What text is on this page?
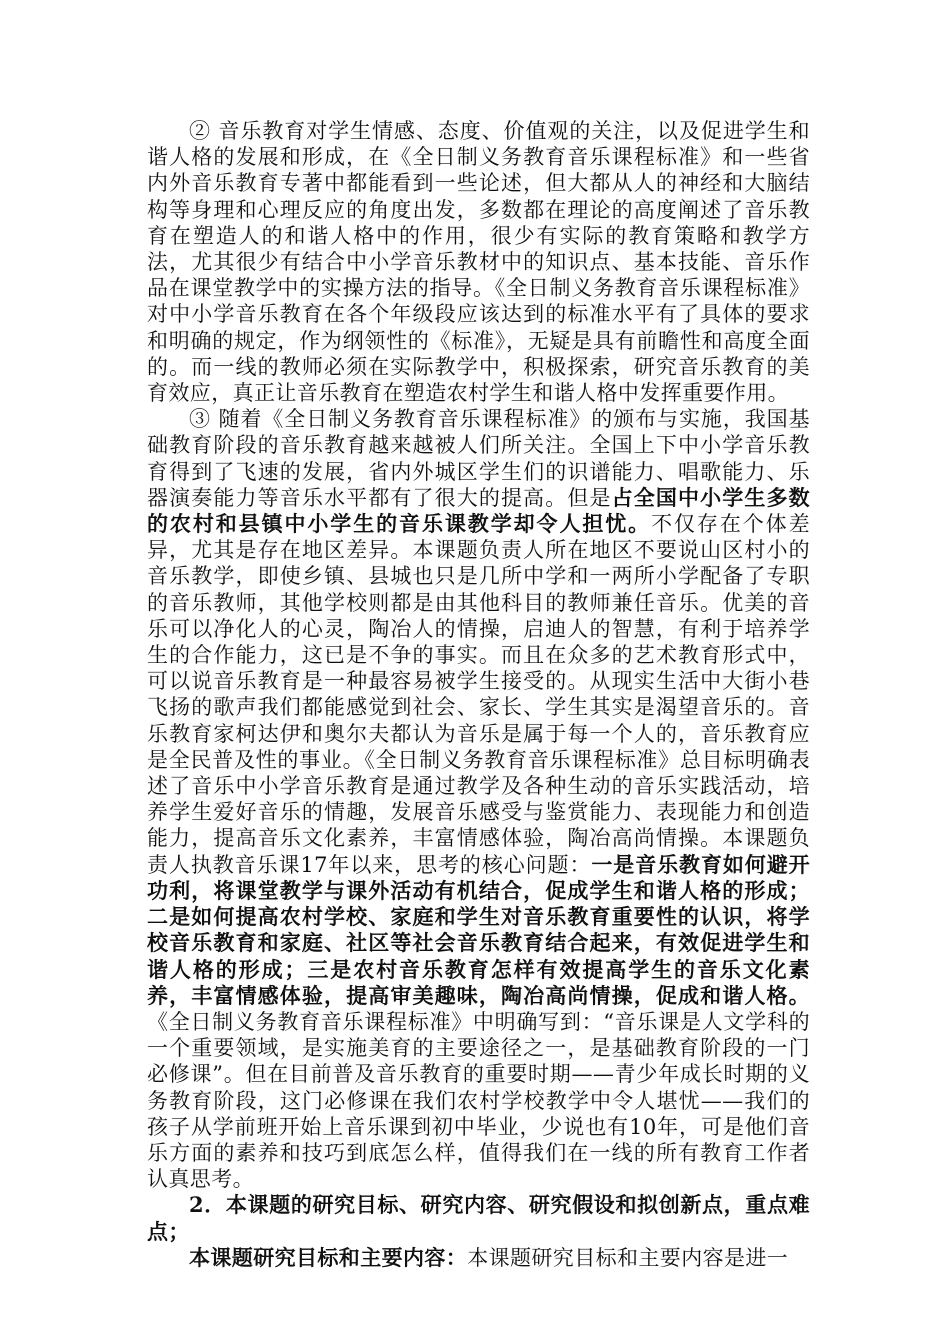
② 音乐教育对学生情感、态度、价值观的关注，以及促进学生和谐人格的发展和形成，在《全日制义务教育音乐课程标准》和一些省内外音乐教育专著中都能看到一些论述，但大都从人的神经和大脑结构等身理和心理反应的角度出发，多数都在理论的高度阐述了音乐教育在塑造人的和谐人格中的作用，很少有实际的教育策略和教学方法，尤其很少有结合中小学音乐教材中的知识点、基本技能、音乐作品在课堂教学中的实操方法的指导。《全日制义务教育音乐课程标准》对中小学音乐教育在各个年级段应该达到的标准水平有了具体的要求和明确的规定，作为纲领性的《标准》，无疑是具有前瞻性和高度全面的。而一线的教师必须在实际教学中，积极探索，研究音乐教育的美育效应，真正让音乐教育在塑造农村学生和谐人格中发挥重要作用。

③ 随着《全日制义务教育音乐课程标准》的颁布与实施，我国基础教育阶段的音乐教育越来越被人们所关注。全国上下中小学音乐教育得到了飞速的发展，省内外城区学生们的识谱能力、唱歌能力、乐器演奏能力等音乐水平都有了很大的提高。但是占全国中小学生多数的农村和县镇中小学生的音乐课教学却令人担忧。不仅存在个体差异，尤其是存在地区差异。本课题负责人所在地区不要说山区村小的音乐教学，即使乡镇、县城也只是几所中学和一两所小学配备了专职的音乐教师，其他学校则都是由其他科目的教师兼任音乐。优美的音乐可以净化人的心灵，陶冶人的情操，启迪人的智慧，有利于培养学生的合作能力，这已是不争的事实。而且在众多的艺术教育形式中，可以说音乐教育是一种最容易被学生接受的。从现实生活中大街小巷飞扬的歌声我们都能感觉到社会、家长、学生其实是渴望音乐的。音乐教育家柯达伊和奥尔夫都认为音乐是属于每一个人的，音乐教育应是全民普及性的事业。《全日制义务教育音乐课程标准》总目标明确表述了音乐中小学音乐教育是通过教学及各种生动的音乐实践活动，培养学生爱好音乐的情趣，发展音乐感受与鉴赏能力、表现能力和创造能力，提高音乐文化素养，丰富情感体验，陶冶高尚情操。本课题负责人执教音乐课17年以来，思考的核心问题：一是音乐教育如何避开功利，将课堂教学与课外活动有机结合，促成学生和谐人格的形成；二是如何提高农村学校、家庭和学生对音乐教育重要性的认识，将学校音乐教育和家庭、社区等社会音乐教育结合起来，有效促进学生和谐人格的形成；三是农村音乐教育怎样有效提高学生的音乐文化素养，丰富情感体验，提高审美趣味，陶冶高尚情操，促成和谐人格。 《全日制义务教育音乐课程标准》中明确写到：“音乐课是人文学科的一个重要领域，是实施美育的主要途径之一，是基础教育阶段的一门必修课”。但在目前普及音乐教育的重要时期——青少年成长时期的义务教育阶段，这门必修课在我们农村学校教学中令人堪忧——我们的孩子从学前班开始上音乐课到初中毕业，少说也有10年，可是他们音乐方面的素养和技巧到底怎么样，值得我们在一线的所有教育工作者认真思考。

2．本课题的研究目标、研究内容、研究假设和拟创新点，重点难点；

本课题研究目标和主要内容：本课题研究目标和主要内容是进一
